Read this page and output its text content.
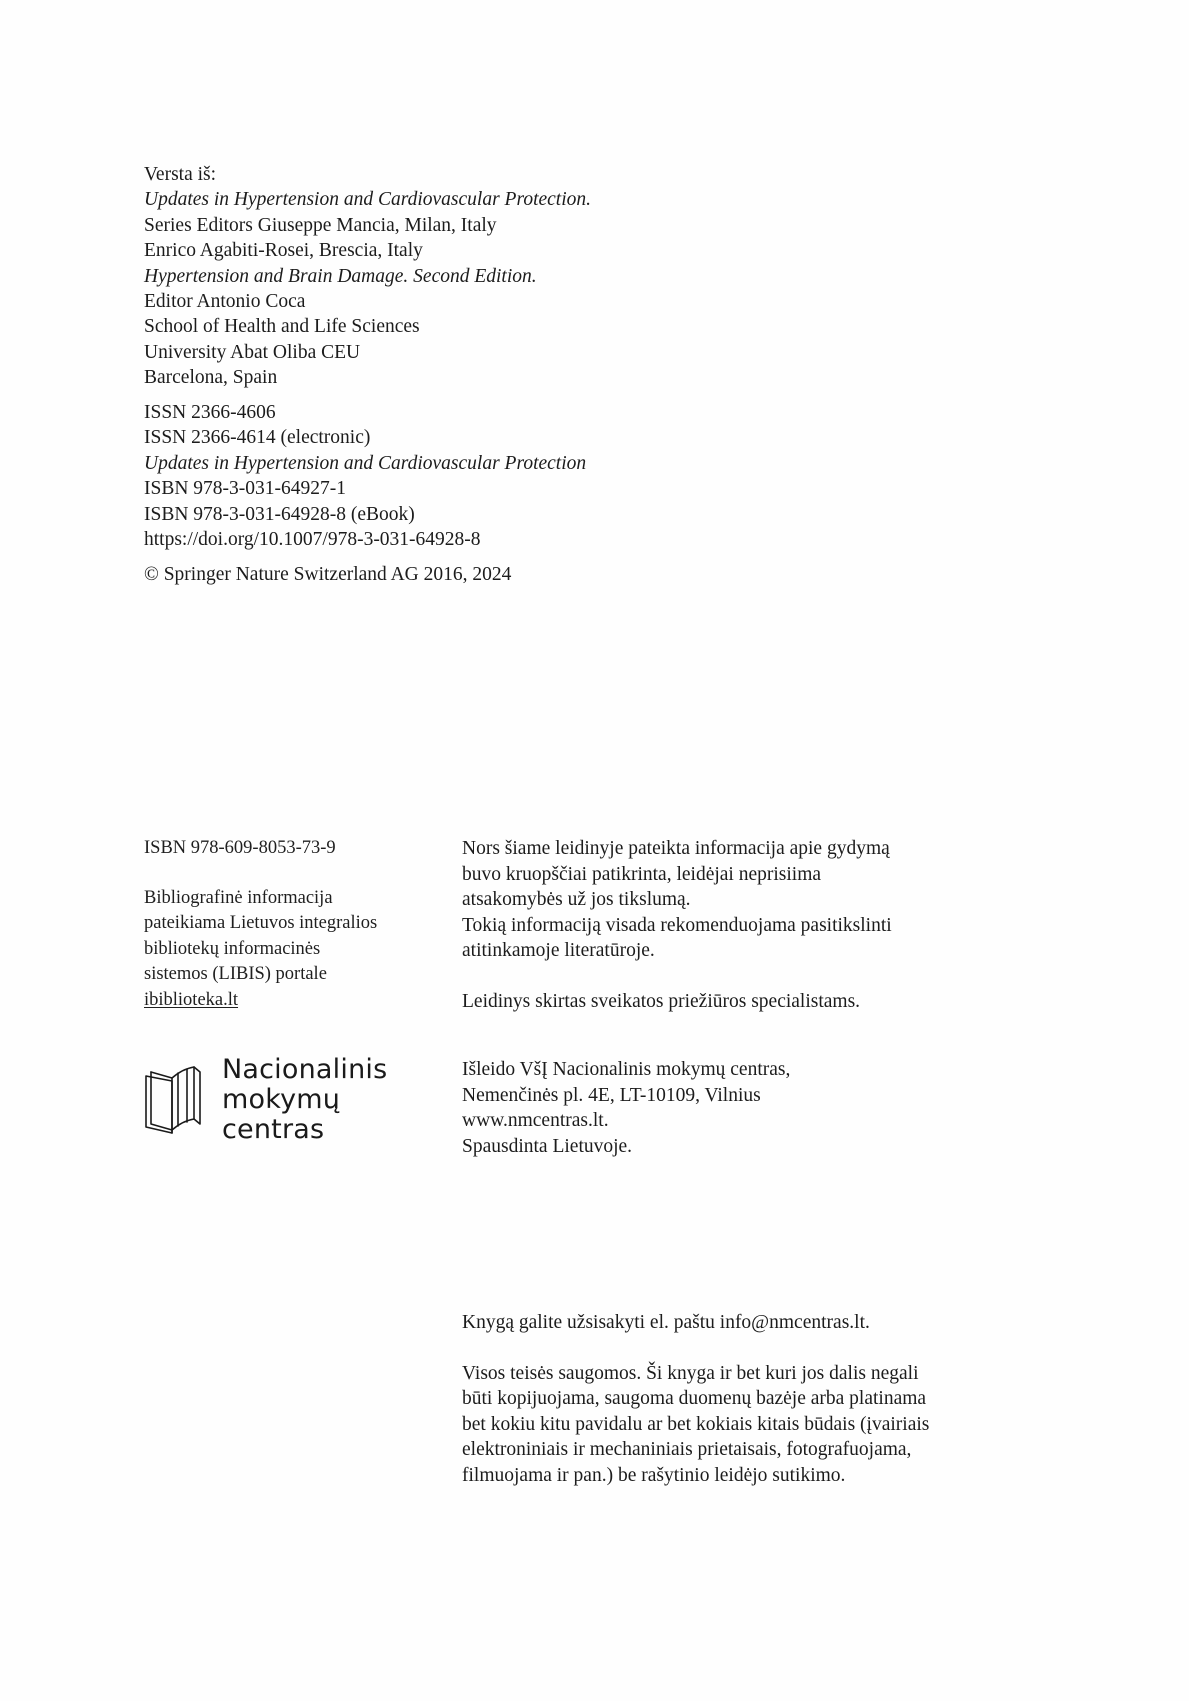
Versta iš:
Updates in Hypertension and Cardiovascular Protection.
Series Editors Giuseppe Mancia, Milan, Italy
Enrico Agabiti-Rosei, Brescia, Italy
Hypertension and Brain Damage. Second Edition.
Editor Antonio Coca
School of Health and Life Sciences
University Abat Oliba CEU
Barcelona, Spain
ISSN 2366-4606
ISSN 2366-4614 (electronic)
Updates in Hypertension and Cardiovascular Protection
ISBN 978-3-031-64927-1
ISBN 978-3-031-64928-8 (eBook)
https://doi.org/10.1007/978-3-031-64928-8
© Springer Nature Switzerland AG 2016, 2024
ISBN 978-609-8053-73-9
Bibliografinė informacija
pateikiama Lietuvos integralios
bibliotekų informacinės
sistemos (LIBIS) portale
ibiblioteka.lt
Nacionalinis
mokymų
centras

Nors šiame leidinyje pateikta informacija apie gydymą

buvo kruopščiai patikrinta, leidėjai neprisiima

atsakomybės už jos tikslumą.

Tokią informaciją visada rekomenduojama pasitikslinti

atitinkamoje literatūroje.

Leidinys skirtas sveikatos priežiūros specialistams.

Išleido VšĮ Nacionalinis mokymų centras,

Nemenčinės pl. 4E, LT-10109, Vilnius

www.nmcentras.lt.

Spausdinta Lietuvoje.

Knygą galite užsisakyti el. paštu info@nmcentras.lt.

Visos teisės saugomos. Ši knyga ir bet kuri jos dalis negali

būti kopijuojama, saugoma duomenų bazėje arba platinama

bet kokiu kitu pavidalu ar bet kokiais kitais būdais (įvairiais

elektroniniais ir mechaniniais prietaisais, fotografuojama,

filmuojama ir pan.) be rašytinio leidėjo sutikimo.
